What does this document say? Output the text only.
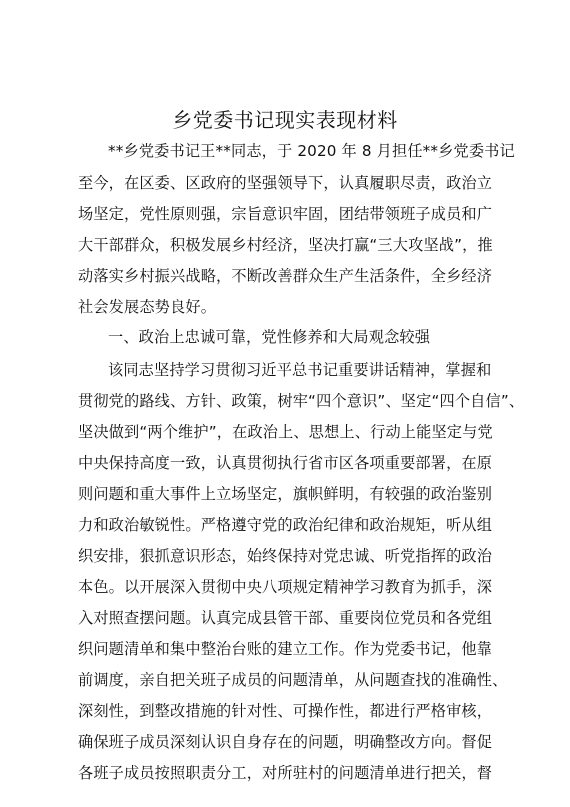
乡党委书记现实表现材料
**乡党委书记王**同志，于 2020 年 8 月担任**乡党委书记
至今，在区委、区政府的坚强领导下，认真履职尽责，政治立
场坚定，党性原则强，宗旨意识牢固，团结带领班子成员和广
大干部群众，积极发展乡村经济，坚决打赢“三大攻坚战”，推
动落实乡村振兴战略，不断改善群众生产生活条件，全乡经济
社会发展态势良好。
一、政治上忠诚可靠，党性修养和大局观念较强
该同志坚持学习贯彻习近平总书记重要讲话精神，掌握和
贯彻党的路线、方针、政策，树牢“四个意识”、坚定“四个自信”、
坚决做到“两个维护”，在政治上、思想上、行动上能坚定与党
中央保持高度一致，认真贯彻执行省市区各项重要部署，在原
则问题和重大事件上立场坚定，旗帜鲜明，有较强的政治鉴别
力和政治敏锐性。严格遵守党的政治纪律和政治规矩，听从组
织安排，狠抓意识形态，始终保持对党忠诚、听党指挥的政治
本色。以开展深入贯彻中央八项规定精神学习教育为抓手，深
入对照查摆问题。认真完成县管干部、重要岗位党员和各党组
织问题清单和集中整治台账的建立工作。作为党委书记，他靠
前调度，亲自把关班子成员的问题清单，从问题查找的准确性、
深刻性，到整改措施的针对性、可操作性，都进行严格审核，
确保班子成员深刻认识自身存在的问题，明确整改方向。督促
各班子成员按照职责分工，对所驻村的问题清单进行把关，督
